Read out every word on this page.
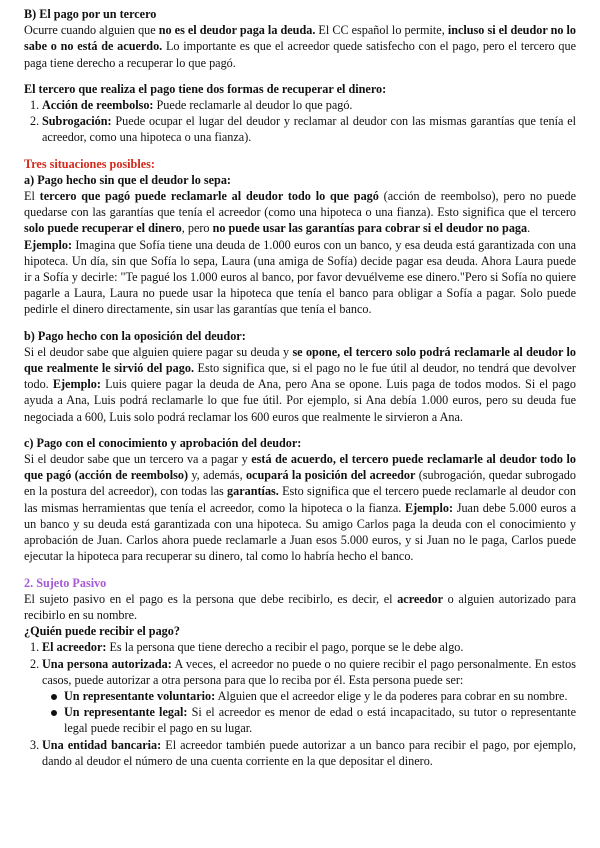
B) El pago por un tercero

Ocurre cuando alguien que no es el deudor paga la deuda. El CC español lo permite, incluso si el deudor no lo sabe o no está de acuerdo. Lo importante es que el acreedor quede satisfecho con el pago, pero el tercero que paga tiene derecho a recuperar lo que pagó.

El tercero que realiza el pago tiene dos formas de recuperar el dinero:

1. Acción de reembolso: Puede reclamarle al deudor lo que pagó.
2. Subrogación: Puede ocupar el lugar del deudor y reclamar al deudor con las mismas garantías que tenía el acreedor, como una hipoteca o una fianza).

Tres situaciones posibles:

a) Pago hecho sin que el deudor lo sepa:

El tercero que pagó puede reclamarle al deudor todo lo que pagó (acción de reembolso), pero no puede quedarse con las garantías que tenía el acreedor (como una hipoteca o una fianza). Esto significa que el tercero solo puede recuperar el dinero, pero no puede usar las garantías para cobrar si el deudor no paga.

Ejemplo: Imagina que Sofía tiene una deuda de 1.000 euros con un banco, y esa deuda está garantizada con una hipoteca. Un día, sin que Sofía lo sepa, Laura (una amiga de Sofía) decide pagar esa deuda. Ahora Laura puede ir a Sofía y decirle: "Te pagué los 1.000 euros al banco, por favor devuélveme ese dinero."Pero si Sofía no quiere pagarle a Laura, Laura no puede usar la hipoteca que tenía el banco para obligar a Sofía a pagar. Solo puede pedirle el dinero directamente, sin usar las garantías que tenía el banco.

b) Pago hecho con la oposición del deudor:

Si el deudor sabe que alguien quiere pagar su deuda y se opone, el tercero solo podrá reclamarle al deudor lo que realmente le sirvió del pago. Esto significa que, si el pago no le fue útil al deudor, no tendrá que devolver todo. Ejemplo: Luis quiere pagar la deuda de Ana, pero Ana se opone. Luis paga de todos modos. Si el pago ayuda a Ana, Luis podrá reclamarle lo que fue útil. Por ejemplo, si Ana debía 1.000 euros, pero su deuda fue negociada a 600, Luis solo podrá reclamar los 600 euros que realmente le sirvieron a Ana.

c) Pago con el conocimiento y aprobación del deudor:

Si el deudor sabe que un tercero va a pagar y está de acuerdo, el tercero puede reclamarle al deudor todo lo que pagó (acción de reembolso) y, además, ocupará la posición del acreedor (subrogación, quedar subrogado en la postura del acreedor), con todas las garantías. Esto significa que el tercero puede reclamarle al deudor con las mismas herramientas que tenía el acreedor, como la hipoteca o la fianza. Ejemplo: Juan debe 5.000 euros a un banco y su deuda está garantizada con una hipoteca. Su amigo Carlos paga la deuda con el conocimiento y aprobación de Juan. Carlos ahora puede reclamarle a Juan esos 5.000 euros, y si Juan no le paga, Carlos puede ejecutar la hipoteca para recuperar su dinero, tal como lo habría hecho el banco.

2. Sujeto Pasivo

El sujeto pasivo en el pago es la persona que debe recibirlo, es decir, el acreedor o alguien autorizado para recibirlo en su nombre.

¿Quién puede recibir el pago?

1. El acreedor: Es la persona que tiene derecho a recibir el pago, porque se le debe algo.
2. Una persona autorizada: A veces, el acreedor no puede o no quiere recibir el pago personalmente. En estos casos, puede autorizar a otra persona para que lo reciba por él. Esta persona puede ser:
Un representante voluntario: Alguien que el acreedor elige y le da poderes para cobrar en su nombre.
Un representante legal: Si el acreedor es menor de edad o está incapacitado, su tutor o representante legal puede recibir el pago en su lugar.
3. Una entidad bancaria: El acreedor también puede autorizar a un banco para recibir el pago, por ejemplo, dando al deudor el número de una cuenta corriente en la que depositar el dinero.
